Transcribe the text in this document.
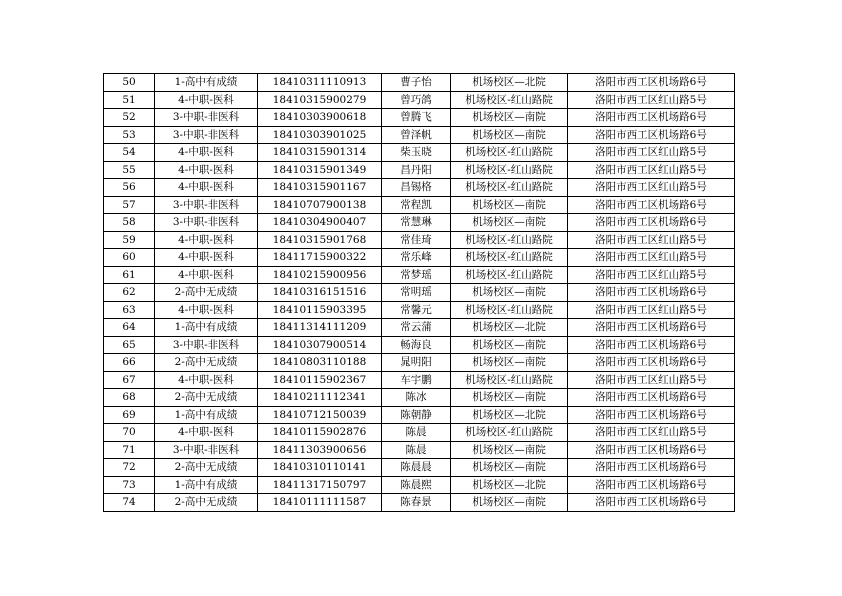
50	1-高中有成绩	18410311110913	曹子怡	机场校区—北院	洛阳市西工区机场路6号
51	4-中职-医科	18410315900279	曾巧鸽	机场校区-红山路院	洛阳市西工区红山路5号
52	3-中职-非医科	18410303900618	曾腾飞	机场校区—南院	洛阳市西工区机场路6号
53	3-中职-非医科	18410303901025	曾泽帆	机场校区—南院	洛阳市西工区机场路6号
54	4-中职-医科	18410315901314	柴玉晓	机场校区-红山路院	洛阳市西工区红山路5号
55	4-中职-医科	18410315901349	昌丹阳	机场校区-红山路院	洛阳市西工区红山路5号
56	4-中职-医科	18410315901167	昌锡格	机场校区-红山路院	洛阳市西工区红山路5号
57	3-中职-非医科	18410707900138	常程凯	机场校区—南院	洛阳市西工区机场路6号
58	3-中职-非医科	18410304900407	常慧琳	机场校区—南院	洛阳市西工区机场路6号
59	4-中职-医科	18410315901768	常佳琦	机场校区-红山路院	洛阳市西工区红山路5号
60	4-中职-医科	18411715900322	常乐峰	机场校区-红山路院	洛阳市西工区红山路5号
61	4-中职-医科	18410215900956	常梦瑶	机场校区-红山路院	洛阳市西工区红山路5号
62	2-高中无成绩	18410316151516	常明瑶	机场校区—南院	洛阳市西工区机场路6号
63	4-中职-医科	18410115903395	常馨元	机场校区-红山路院	洛阳市西工区红山路5号
64	1-高中有成绩	18411314111209	常云蒲	机场校区—北院	洛阳市西工区机场路6号
65	3-中职-非医科	18410307900514	畅海良	机场校区—南院	洛阳市西工区机场路6号
66	2-高中无成绩	18410803110188	晁明阳	机场校区—南院	洛阳市西工区机场路6号
67	4-中职-医科	18410115902367	车宇鹏	机场校区-红山路院	洛阳市西工区红山路5号
68	2-高中无成绩	18410211112341	陈冰	机场校区—南院	洛阳市西工区机场路6号
69	1-高中有成绩	18410712150039	陈朝静	机场校区—北院	洛阳市西工区机场路6号
70	4-中职-医科	18410115902876	陈晨	机场校区-红山路院	洛阳市西工区红山路5号
71	3-中职-非医科	18411303900656	陈晨	机场校区—南院	洛阳市西工区机场路6号
72	2-高中无成绩	18410310110141	陈晨晨	机场校区—南院	洛阳市西工区机场路6号
73	1-高中有成绩	18411317150797	陈晨熙	机场校区—北院	洛阳市西工区机场路6号
74	2-高中无成绩	18410111111587	陈春景	机场校区—南院	洛阳市西工区机场路6号
